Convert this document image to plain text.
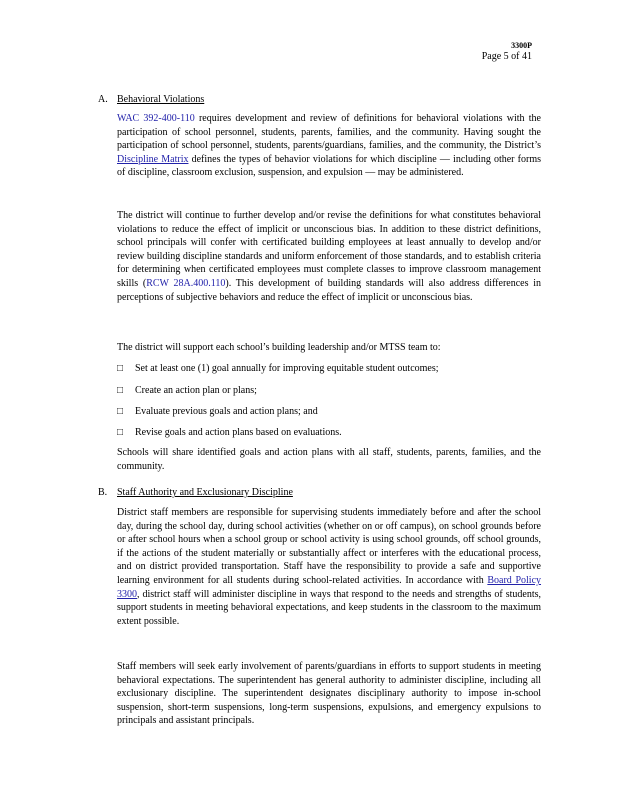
3300P
Page 5 of 41
A. Behavioral Violations

WAC 392-400-110 requires development and review of definitions for behavioral violations with the participation of school personnel, students, parents, families, and the community. Having sought the participation of school personnel, students, parents/guardians, families, and the community, the District’s Discipline Matrix defines the types of behavior violations for which discipline — including other forms of discipline, classroom exclusion, suspension, and expulsion — may be administered.

The district will continue to further develop and/or revise the definitions for what constitutes behavioral violations to reduce the effect of implicit or unconscious bias. In addition to these district definitions, school principals will confer with certificated building employees at least annually to develop and/or review building discipline standards and uniform enforcement of those standards, and to establish criteria for determining when certificated employees must complete classes to improve classroom management skills (RCW 28A.400.110). This development of building standards will also address differences in perceptions of subjective behaviors and reduce the effect of implicit or unconscious bias.

The district will support each school’s building leadership and/or MTSS team to:
□ Set at least one (1) goal annually for improving equitable student outcomes;
□ Create an action plan or plans;
□ Evaluate previous goals and action plans; and
□ Revise goals and action plans based on evaluations.
Schools will share identified goals and action plans with all staff, students, parents, families, and the community.
B. Staff Authority and Exclusionary Discipline

District staff members are responsible for supervising students immediately before and after the school day, during the school day, during school activities (whether on or off campus), on school grounds before or after school hours when a school group or school activity is using school grounds, off school grounds, if the actions of the student materially or substantially affect or interferes with the educational process, and on district provided transportation. Staff have the responsibility to provide a safe and supportive learning environment for all students during school-related activities. In accordance with Board Policy 3300, district staff will administer discipline in ways that respond to the needs and strengths of students, support students in meeting behavioral expectations, and keep students in the classroom to the maximum extent possible.

Staff members will seek early involvement of parents/guardians in efforts to support students in meeting behavioral expectations. The superintendent has general authority to administer discipline, including all exclusionary discipline. The superintendent designates disciplinary authority to impose in-school suspension, short-term suspensions, long-term suspensions, expulsions, and emergency expulsions to principals and assistant principals.
